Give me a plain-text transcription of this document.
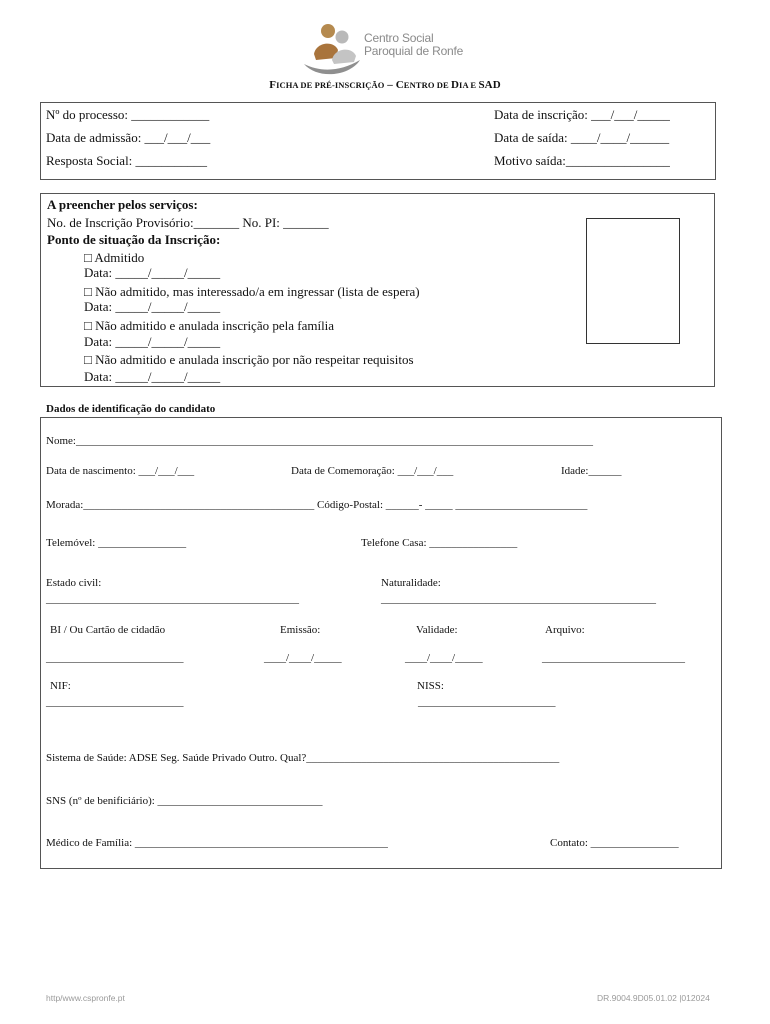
Centro Social
Paroquial de Ronfe
FICHA DE PRÉ-INSCRIÇÃO – CENTRO DE DIA E SAD
Nº do processo: ____________	Data de inscrição: ___/___/_____
Data de admissão: ___/___/___	Data de saída: ____/____/______
Resposta Social: ___________	Motivo saída:________________
A preencher pelos serviços:
No. de Inscrição Provisório:_______ No. PI: _______
Ponto de situação da Inscrição:
□ Admitido
Data: _____/_____/_____
□ Não admitido, mas interessado/a em ingressar (lista de espera)
Data: _____/_____/_____
□ Não admitido e anulada inscrição pela família
Data: _____/_____/_____
□ Não admitido e anulada inscrição por não respeitar requisitos
Data: _____/_____/_____
Dados de identificação do candidato
Nome:______________________________________________________________________________________________
Data de nascimento: ___/___/___	Data de Comemoração: ___/___/___	Idade:______
Morada:__________________________________________ Código-Postal: ______- _____ ________________________
Telemóvel: ________________	Telefone Casa: ________________
Estado civil:
______________________________________________
Naturalidade:
__________________________________________________
BI / Ou Cartão de cidadão	Emissão:	Validade:	Arquivo:
_________________________	____/____/_____	____/____/_____	__________________________
NIF:
_________________________
NISS:
_________________________
Sistema de Saúde: ADSE Seg. Saúde Privado Outro. Qual?______________________________________________
SNS (nº de benificiário): ______________________________
Médico de Família: ______________________________________________	Contato: ________________
http/www.cspronfe.pt	DR.9004.9D05.01.02 |012024
